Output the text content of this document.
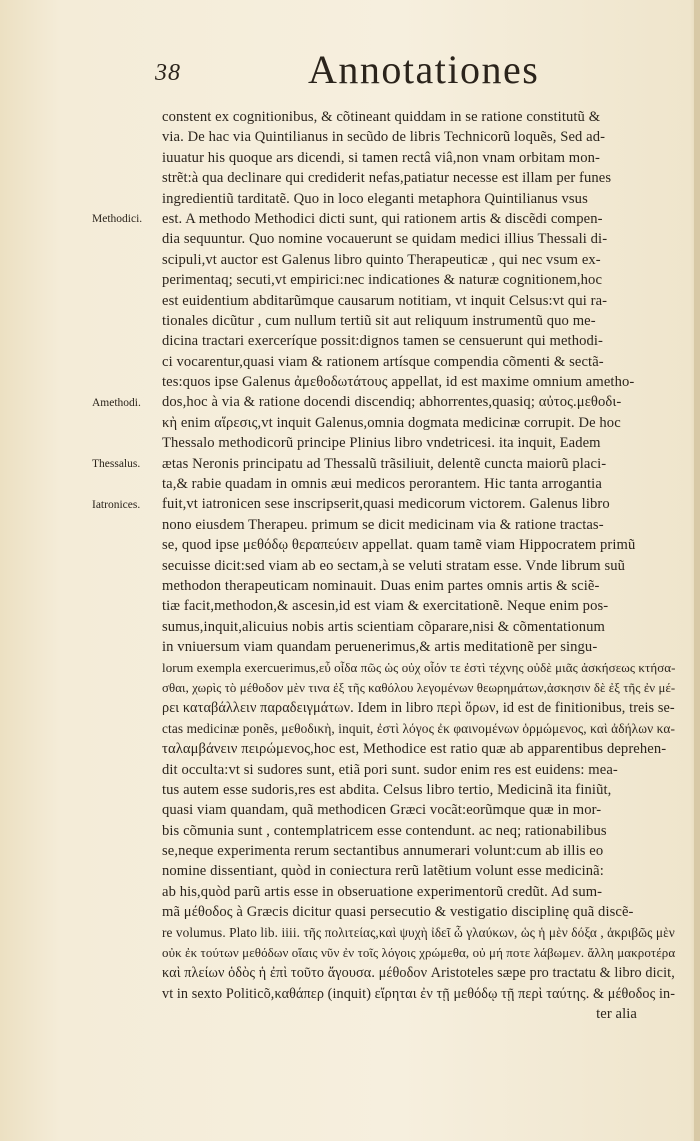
38	Annotationes
Methodici.
Amethodi.
Thessalus.
Iatronices.
constent ex cognitionibus, & cõtineant quiddam in se ratione constitutũ &
via. De hac via Quintilianus in secũdo de libris Technicorũ loquẽs, Sed ad-
iuuatur his quoque ars dicendi, si tamen rectâ viâ,non vnam orbitam mon-
strẽt:à qua declinare qui crediderit nefas,patiatur necesse est illam per funes
ingredientiũ tarditatẽ. Quo in loco eleganti metaphora Quintilianus vsus
est. A methodo Methodici dicti sunt, qui rationem artis & discẽdi compen-
dia sequuntur. Quo nomine vocauerunt se quidam medici illius Thessali di-
scipuli,vt auctor est Galenus libro quinto Therapeuticæ , qui nec vsum ex-
perimentaq; secuti,vt empirici:nec indicationes & naturæ cognitionem,hoc
est euidentium abditarũmque causarum notitiam, vt inquit Celsus:vt qui ra-
tionales dicũtur , cum nullum tertiũ sit aut reliquum instrumentũ quo me-
dicina tractari exerceríque possit:dignos tamen se censuerunt qui methodi-
ci vocarentur,quasi viam & rationem artísque compendia cõmenti & sectã-
tes:quos ipse Galenus ἀμεθοδωτάτους appellat, id est maxime omnium ametho-
dos,hoc à via & ratione docendi discendiq; abhorrentes,quasiq; αὐτος.μεθοδι-
κὴ enim αἵρεσις,vt inquit Galenus,omnia dogmata medicinæ corrupit. De hoc
Thessalo methodicorũ principe Plinius libro vndetricesi. ita inquit, Eadem
ætas Neronis principatu ad Thessalũ trãsiliuit, delentẽ cuncta maiorũ placi-
ta,& rabie quadam in omnis æui medicos perorantem. Hic tanta arrogantia
fuit,vt iatronicen sese inscripserit,quasi medicorum victorem. Galenus libro
nono eiusdem Therapeu. primum se dicit medicinam via & ratione tractas-
se, quod ipse μεθόδῳ θεραπεύειν appellat. quam tamẽ viam Hippocratem primũ
secuisse dicit:sed viam ab eo sectam,à se veluti stratam esse. Vnde librum suũ
methodon therapeuticam nominauit. Duas enim partes omnis artis & sciẽ-
tiæ facit,methodon,& ascesin,id est viam & exercitationẽ. Neque enim pos-
sumus,inquit,alicuius nobis artis scientiam cõparare,nisi & cõmentationum
in vniuersum viam quandam peruenerimus,& artis meditationẽ per singu-
lorum exempla exercuerimus,εὖ οἶδα πῶς ὡς οὐχ οἷόν τε ἐστὶ τέχνης οὐδὲ μιᾶς ἀσκήσεως κτήσα-
σθαι, χωρὶς τὸ μέθοδον μὲν τινα ἐξ τῆς καθόλου λεγομένων θεωρημάτων,ἀσκησιν δὲ ἐξ τῆς ἐν μέ-
ρει καταβάλλειν παραδειγμάτων. Idem in libro περὶ ὅρων, id est de finitionibus, treis se-
ctas medicinæ ponẽs, μεθοδικὴ, inquit, ἐστὶ λόγος ἐκ φαινομένων ὁρμώμενος, καὶ ἀδήλων κα-
ταλαμβάνειν πειρώμενος,hoc est, Methodice est ratio quæ ab apparentibus deprehen-
dit occulta:vt si sudores sunt, etiã pori sunt. sudor enim res est euidens: mea-
tus autem esse sudoris,res est abdita. Celsus libro tertio, Medicinã ita finiũt,
quasi viam quandam, quã methodicen Græci vocãt:eorũmque quæ in mor-
bis cõmunia sunt , contemplatricem esse contendunt. ac neq; rationabilibus
se,neque experimenta rerum sectantibus annumerari volunt:cum ab illis eo
nomine dissentiant, quòd in coniectura rerũ latẽtium volunt esse medicinã:
ab his,quòd parũ artis esse in obseruatione experimentorũ credũt. Ad sum-
mã μέθοδος à Græcis dicitur quasi persecutio & vestigatio disciplinę quã discẽ-
re volumus. Plato lib. iiii. τῆς πολιτείας,καὶ ψυχὴ ἰδεῖ ὦ γλαύκων, ὡς ἡ μὲν δόξα , ἀκριβῶς μὲν
οὐκ ἐκ τούτων μεθόδων οἵαις νῦν ἐν τοῖς λόγοις χρώμεθα, οὐ μή ποτε λάβωμεν. ἄλλη μακροτέρα
καὶ πλείων ὁδὸς ἡ ἐπὶ τοῦτο ἄγουσα. μέθοδον Aristoteles sæpe pro tractatu & libro dicit,
vt in sexto Politicõ,καθάπερ (inquit) εἴρηται ἐν τῇ μεθόδῳ τῇ περὶ ταύτης. & μέθοδος in-
ter alia
